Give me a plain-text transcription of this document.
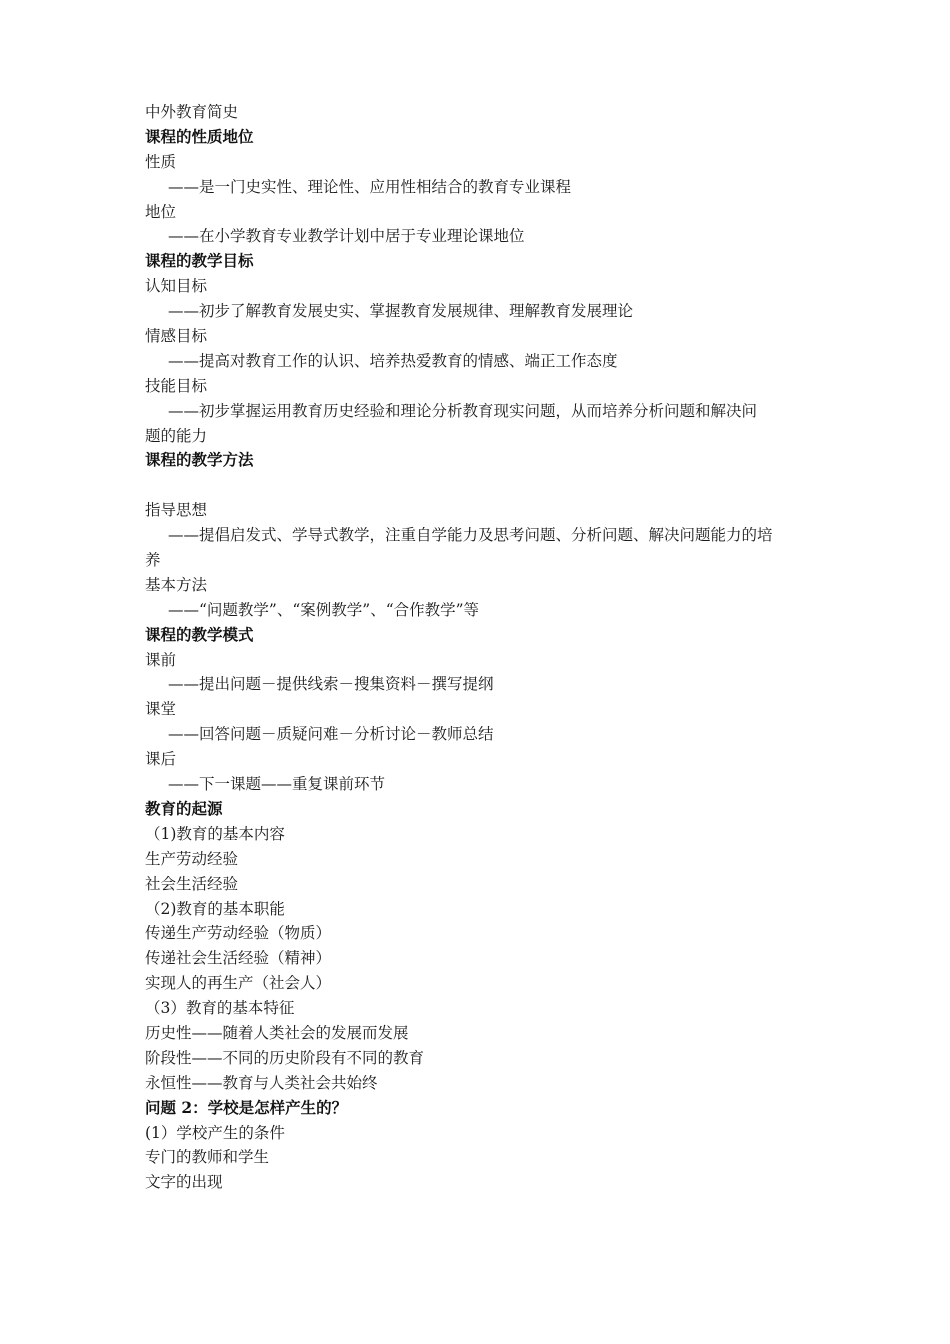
中外教育简史
课程的性质地位
性质
——是一门史实性、理论性、应用性相结合的教育专业课程
地位
——在小学教育专业教学计划中居于专业理论课地位
课程的教学目标
认知目标
——初步了解教育发展史实、掌握教育发展规律、理解教育发展理论
情感目标
——提高对教育工作的认识、培养热爱教育的情感、端正工作态度
技能目标
——初步掌握运用教育历史经验和理论分析教育现实问题，从而培养分析问题和解决问
题的能力
课程的教学方法
指导思想
——提倡启发式、学导式教学，注重自学能力及思考问题、分析问题、解决问题能力的培
养
基本方法
——“问题教学”、“案例教学”、“合作教学”等
课程的教学模式
课前
——提出问题－提供线索－搜集资料－撰写提纲
课堂
——回答问题－质疑问难－分析讨论－教师总结
课后
——下一课题——重复课前环节
教育的起源
（1)教育的基本内容
生产劳动经验
社会生活经验
（2)教育的基本职能
传递生产劳动经验（物质）
传递社会生活经验（精神）
实现人的再生产（社会人）
（3）教育的基本特征
历史性——随着人类社会的发展而发展
阶段性——不同的历史阶段有不同的教育
永恒性——教育与人类社会共始终
问题 2：学校是怎样产生的？
(1）学校产生的条件
专门的教师和学生
文字的出现
